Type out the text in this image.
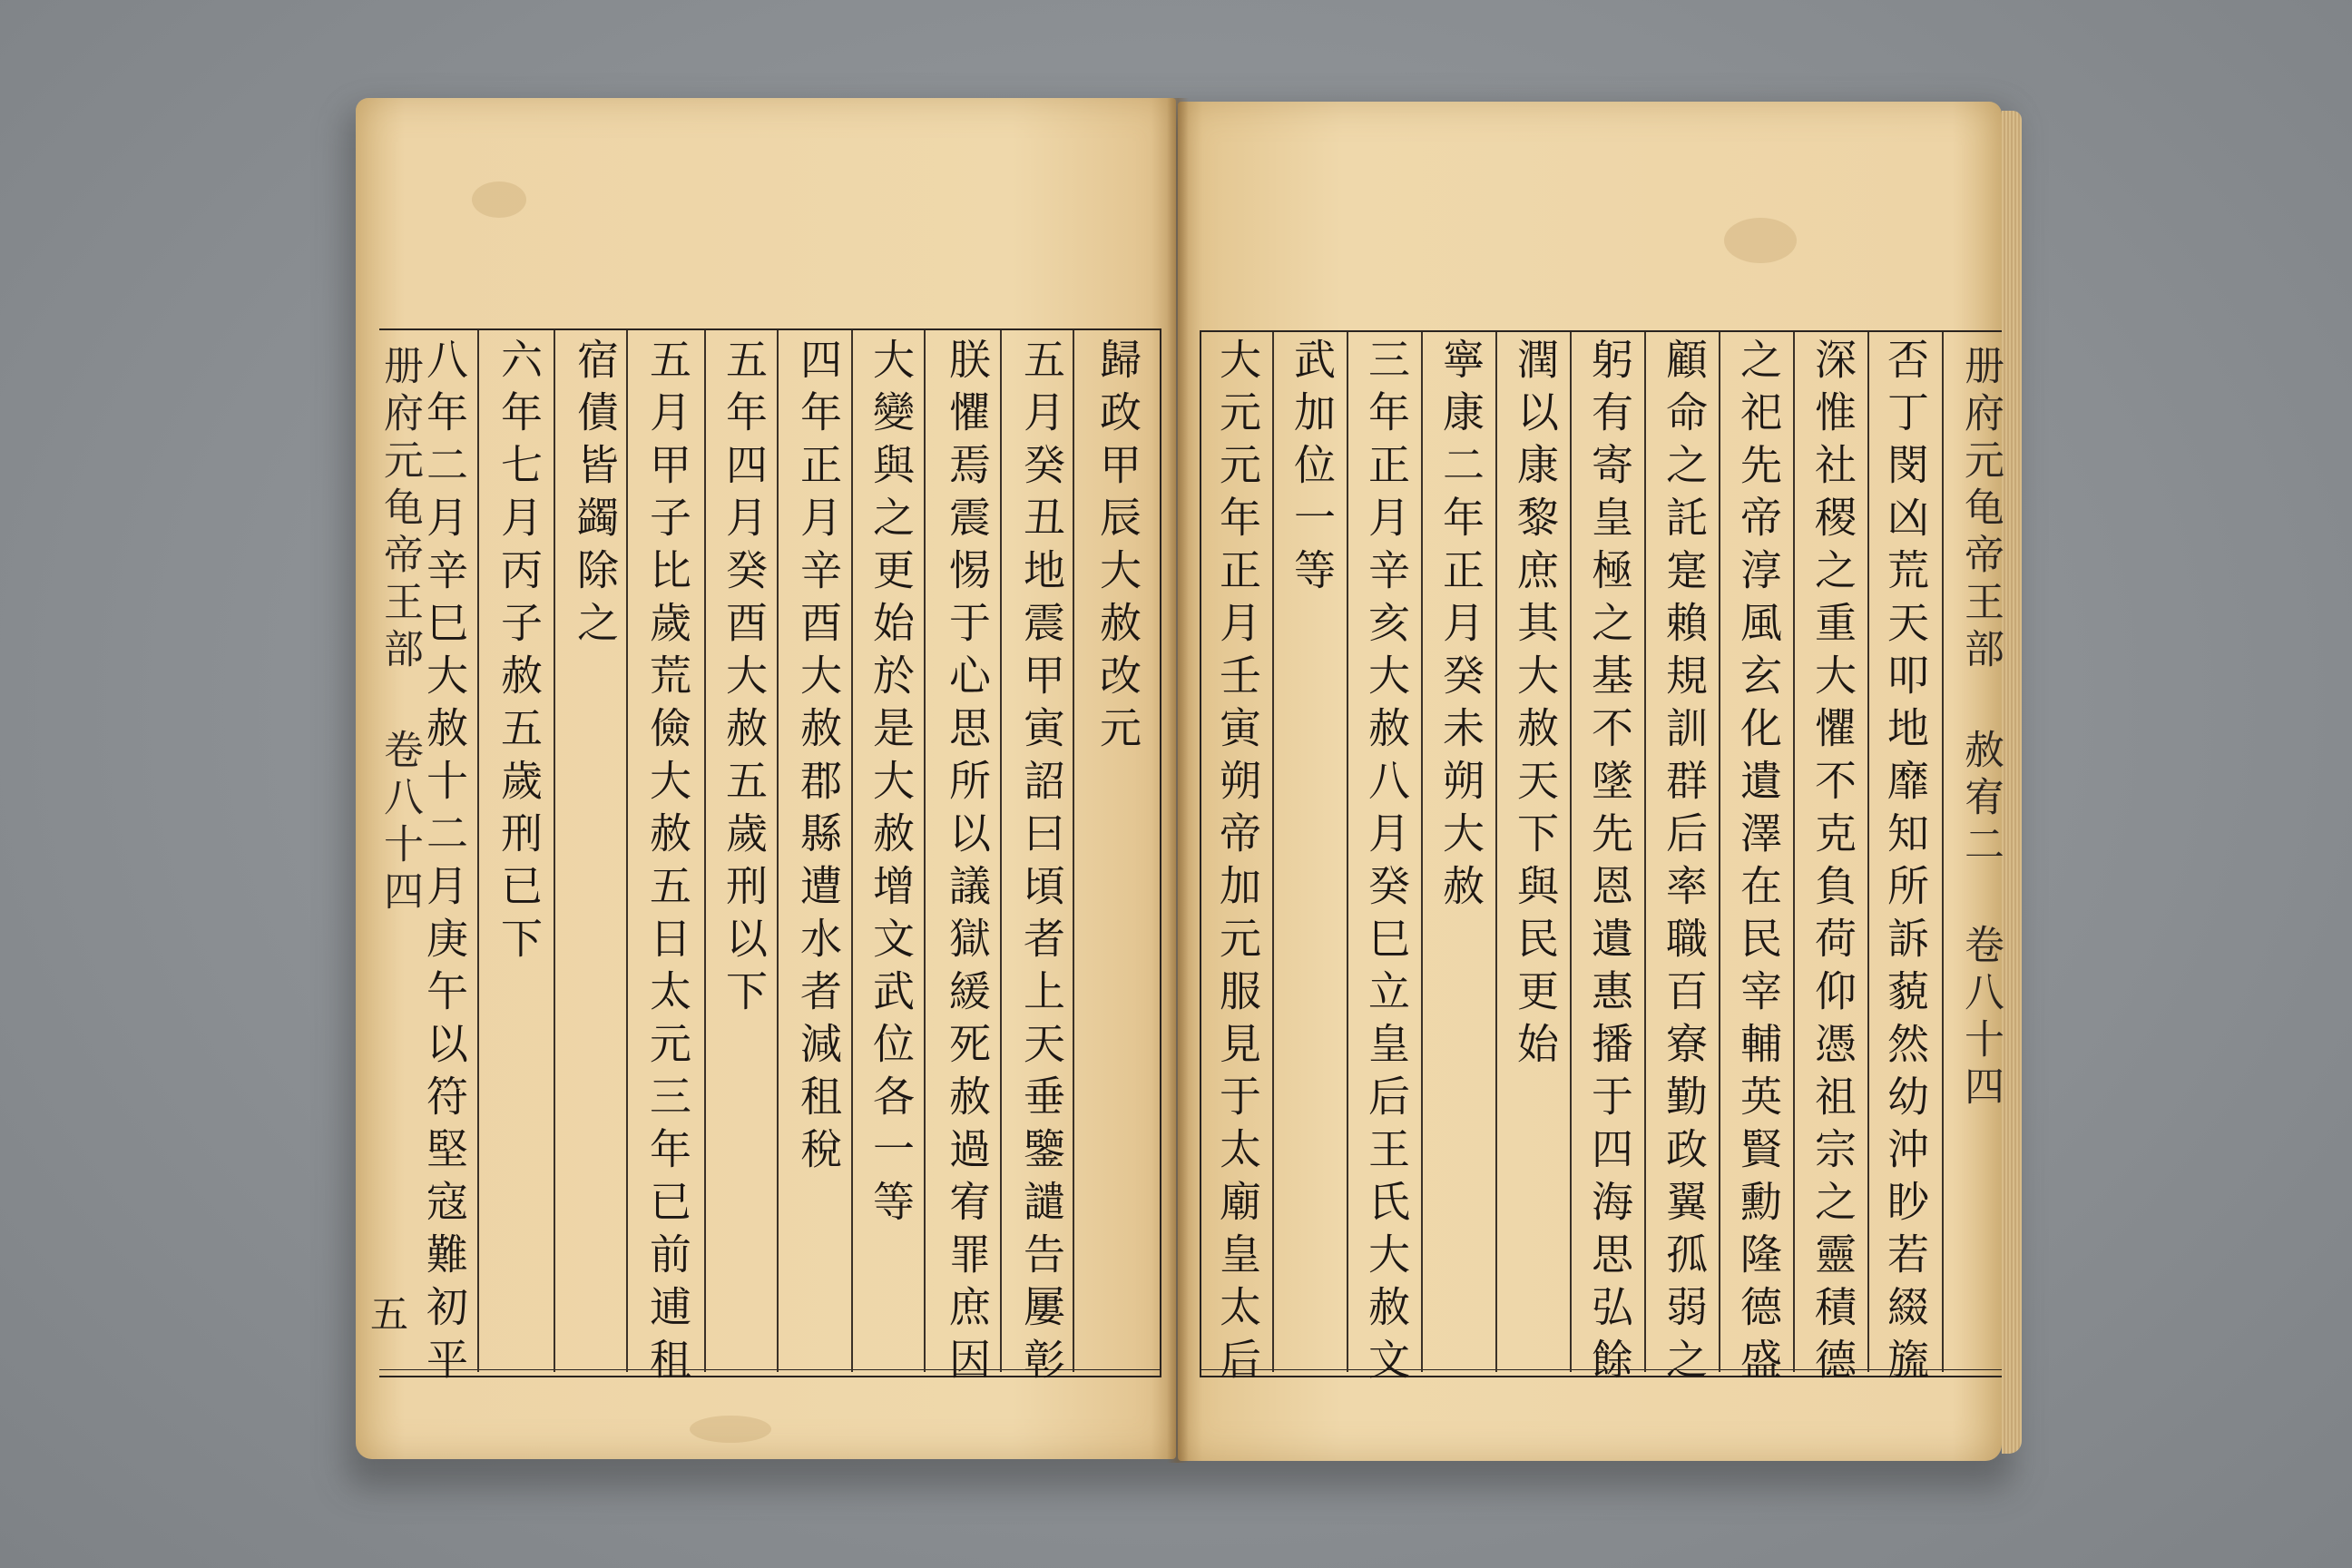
歸政甲辰大赦改元
五月癸丑地震甲寅詔曰頃者上天垂鑒譴告屢彰
朕懼焉震惕于心思所以議獄緩死赦過宥罪庶因
大變與之更始於是大赦增文武位各一等
四年正月辛酉大赦郡縣遭水者減租稅
五年四月癸酉大赦五歲刑以下
五月甲子比歲荒儉大赦五日太元三年已前逋租
宿債皆蠲除之
六年七月丙子赦五歲刑已下
八年二月辛巳大赦十二月庚午以符堅寇難初平
册府元龟帝王部 卷八十四
五	否丁閔凶荒天叩地靡知所訴藐然幼沖眇若綴旒
深惟社稷之重大懼不克負荷仰憑祖宗之靈積德
之祀先帝淳風玄化遺澤在民宰輔英賢勳隆德盛
顧命之託寔賴規訓群后率職百寮勤政翼孤弱之
躬有寄皇極之基不墜先恩遺惠播于四海思弘餘
潤以康黎庶其大赦天下與民更始
寧康二年正月癸未朔大赦
三年正月辛亥大赦八月癸巳立皇后王氏大赦文
武加位一等
大元元年正月壬寅朔帝加元服見于太廟皇太后	册府元龟帝王部 赦宥二 卷八十四
